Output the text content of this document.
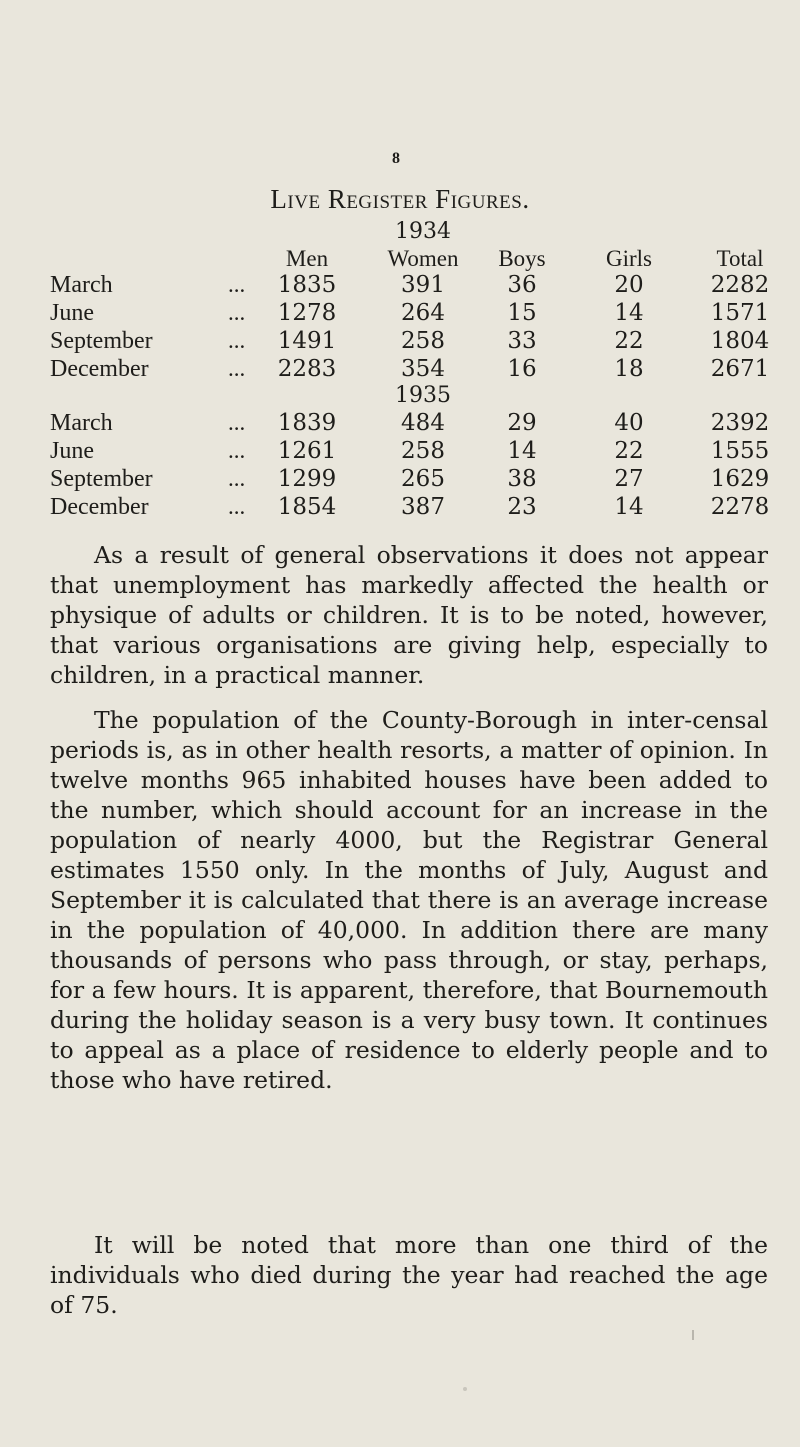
8
Live Register Figures.
1934
Men	Women	Boys	Girls	Total
March	... 1835	391	36	20	2282
June	... 1278	264	15	14	1571
September	... 1491	258	33	22	1804
December	... 2283	354	16	18	2671
1935
March	... 1839	484	29	40	2392
June	... 1261	258	14	22	1555
September	... 1299	265	38	27	1629
December	... 1854	387	23	14	2278

As a result of general observations it does not appear that unemployment has markedly affected the health or physique of adults or children. It is to be noted, however, that various organisations are giving help, especially to children, in a practical manner.

The population of the County-Borough in inter-censal periods is, as in other health resorts, a matter of opinion. In twelve months 965 inhabited houses have been added to the number, which should account for an increase in the population of nearly 4000, but the Registrar General estimates 1550 only. In the months of July, August and September it is calculated that there is an average increase in the population of 40,000. In addition there are many thousands of persons who pass through, or stay, perhaps, for a few hours. It is apparent, therefore, that Bournemouth during the holiday season is a very busy town. It continues to appeal as a place of residence to elderly people and to those who have retired.

It will be noted that more than one third of the individuals who died during the year had reached the age of 75.
